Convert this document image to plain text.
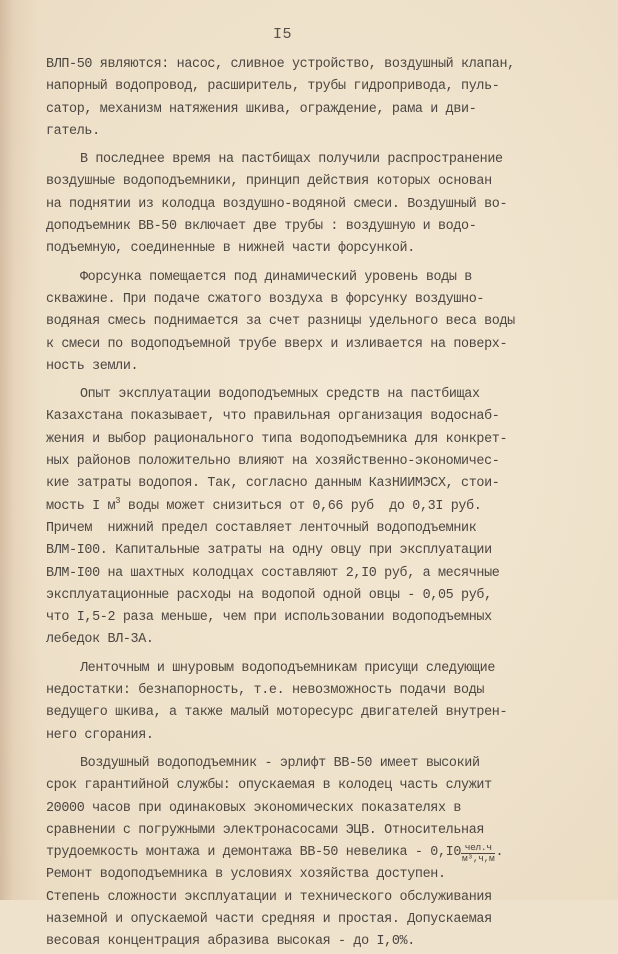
I5
ВЛП-50 являются: насос, сливное устройство, воздушный клапан,
напорный водопровод, расширитель, трубы гидропривода, пуль-
сатор, механизм натяжения шкива, ограждение, рама и дви-
гатель.
В последнее время на пастбищах получили распространение
воздушные водоподъемники, принцип действия которых основан
на поднятии из колодца воздушно-водяной смеси. Воздушный во-
доподъемник ВВ-50 включает две трубы : воздушную и водо-
подъемную, соединенные в нижней части форсункой.
Форсунка помещается под динамический уровень воды в
скважине. При подаче сжатого воздуха в форсунку воздушно-
водяная смесь поднимается за счет разницы удельного веса воды
к смеси по водоподъемной трубе вверх и изливается на поверх-
ность земли.
Опыт эксплуатации водоподъемных средств на пастбищах
Казахстана показывает, что правильная организация водоснаб-
жения и выбор рационального типа водоподъемника для конкрет-
ных районов положительно влияют на хозяйственно-экономичес-
кие затраты водопоя. Так, согласно данным КазНИИМЭСХ, стои-
мость I $м^3$ воды может снизиться от 0,66 руб  до 0,3I руб.
Причем  нижний предел составляет ленточный водоподъемник
ВЛМ-I00. Капитальные затраты на одну овцу при эксплуатации
ВЛМ-I00 на шахтных колодцах составляют 2,I0 руб, а месячные
эксплуатационные расходы на водопой одной овцы - 0,05 руб,
что I,5-2 раза меньше, чем при использовании водоподъемных
лебедок ВЛ-3А.
Ленточным и шнуровым водоподъемникам присущи следующие
недостатки: безнапорность, т.е. невозможность подачи воды
ведущего шкива, а также малый моторесурс двигателей внутрен-
него сгорания.
Воздушный водоподъемник - эрлифт ВВ-50 имеет высокий
срок гарантийной службы: опускаемая в колодец часть служит
20000 часов при одинаковых экономических показателях в
сравнении с погружными электронасосами ЭЦВ. Относительная
трудоемкость монтажа и демонтажа ВВ-50 невелика - $0,I0 \frac{\text{чел.ч}}{\text{м³,ч,м}}$ .
Ремонт водоподъемника в условиях хозяйства доступен.
Степень сложности эксплуатации и технического обслуживания
наземной и опускаемой части средняя и простая. Допускаемая
весовая концентрация абразива высокая - до I,0%.
